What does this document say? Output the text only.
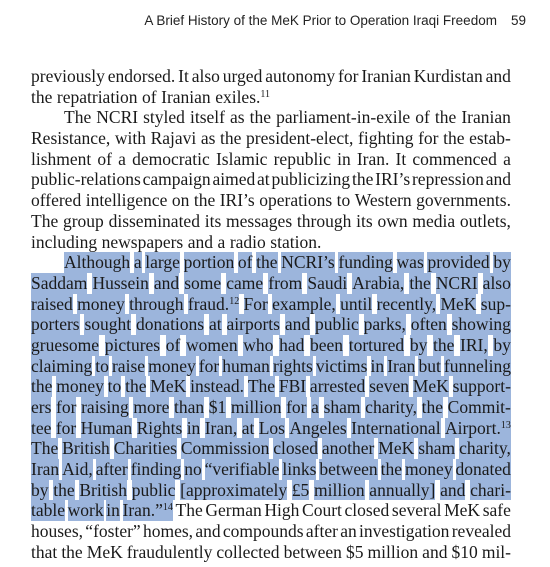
A Brief History of the MeK Prior to Operation Iraqi Freedom 59
previously endorsed. It also urged autonomy for Iranian Kurdistan and
the repatriation of Iranian exiles.$^{11}$
The NCRI styled itself as the parliament-in-exile of the Iranian
Resistance, with Rajavi as the president-elect, fighting for the estab-
lishment of a democratic Islamic republic in Iran. It commenced a
public-relations campaign aimed at publicizing the IRI’s repression and
offered intelligence on the IRI’s operations to Western governments.
The group disseminated its messages through its own media outlets,
including newspapers and a radio station.
Although a large portion of the NCRI’s funding was provided by
Saddam Hussein and some came from Saudi Arabia, the NCRI also
raised money through fraud.$^{12}$ For example, until recently, MeK sup-
porters sought donations at airports and public parks, often showing
gruesome pictures of women who had been tortured by the IRI, by
claiming to raise money for human rights victims in Iran but funneling
the money to the MeK instead. The FBI arrested seven MeK support-
ers for raising more than $1 million for a sham charity, the Commit-
tee for Human Rights in Iran, at Los Angeles International Airport.$^{13}$
The British Charities Commission closed another MeK sham charity,
Iran Aid, after finding no “verifiable links between the money donated
by the British public [approximately £5 million annually] and chari-
table work in Iran.”$^{14}$ The German High Court closed several MeK safe
houses, “foster” homes, and compounds after an investigation revealed
that the MeK fraudulently collected between $5 million and $10 mil-
